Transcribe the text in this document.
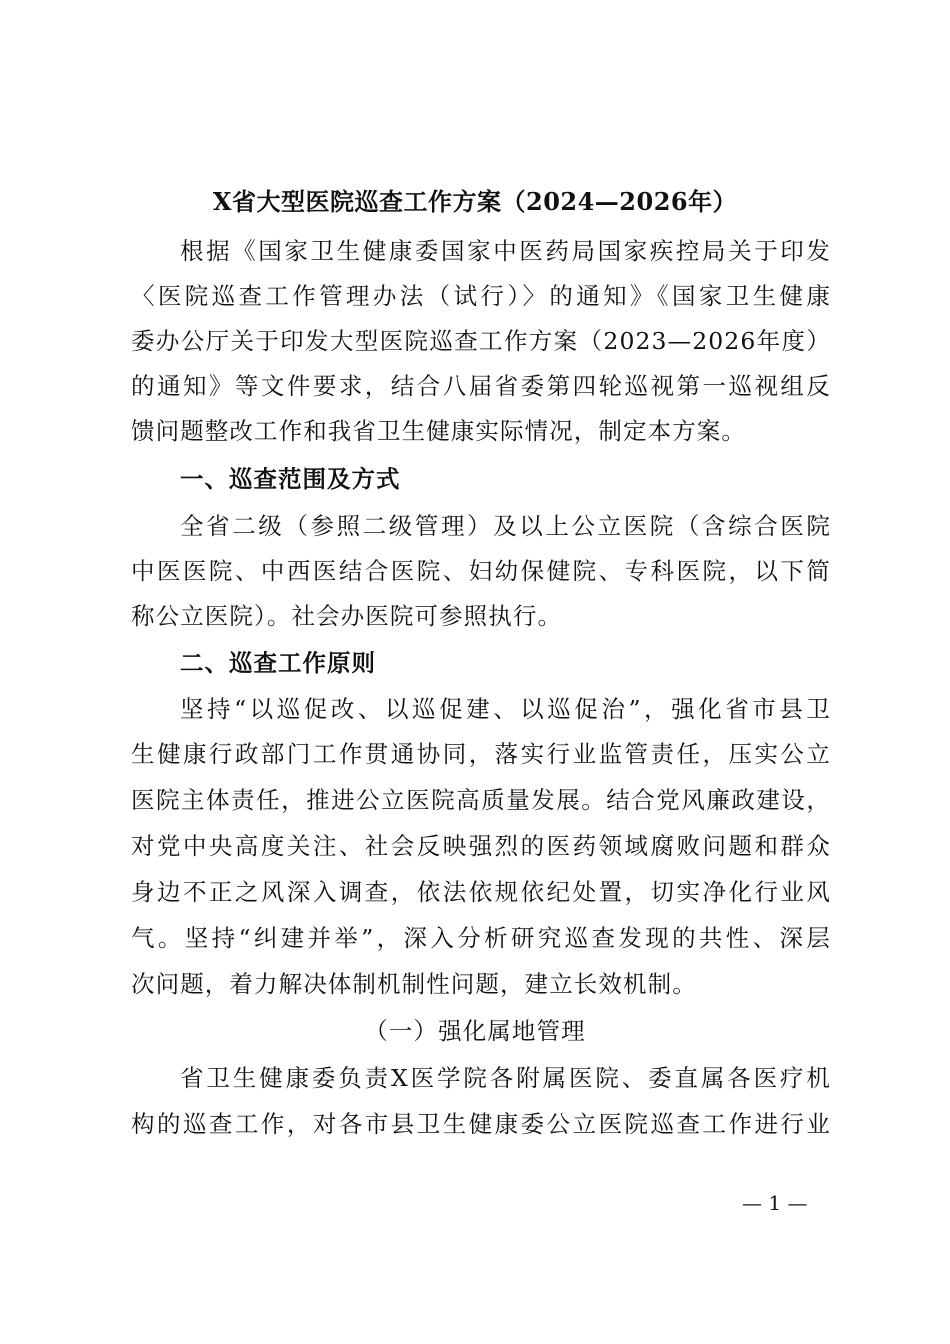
X省大型医院巡查工作方案（2024—2026年）
根据《国家卫生健康委国家中医药局国家疾控局关于印发
〈医院巡查工作管理办法（试行）〉的通知》《国家卫生健康
委办公厅关于印发大型医院巡查工作方案（2023—2026年度）
的通知》等文件要求，结合八届省委第四轮巡视第一巡视组反
馈问题整改工作和我省卫生健康实际情况，制定本方案。
一、巡查范围及方式
全省二级（参照二级管理）及以上公立医院（含综合医院
中医医院、中西医结合医院、妇幼保健院、专科医院，以下简
称公立医院）。社会办医院可参照执行。
二、巡查工作原则
坚持“以巡促改、以巡促建、以巡促治”，强化省市县卫
生健康行政部门工作贯通协同，落实行业监管责任，压实公立
医院主体责任，推进公立医院高质量发展。结合党风廉政建设，
对党中央高度关注、社会反映强烈的医药领域腐败问题和群众
身边不正之风深入调查，依法依规依纪处置，切实净化行业风
气。坚持“纠建并举”，深入分析研究巡查发现的共性、深层
次问题，着力解决体制机制性问题，建立长效机制。
（一）强化属地管理
省卫生健康委负责X医学院各附属医院、委直属各医疗机
构的巡查工作，对各市县卫生健康委公立医院巡查工作进行业
— 1 —
